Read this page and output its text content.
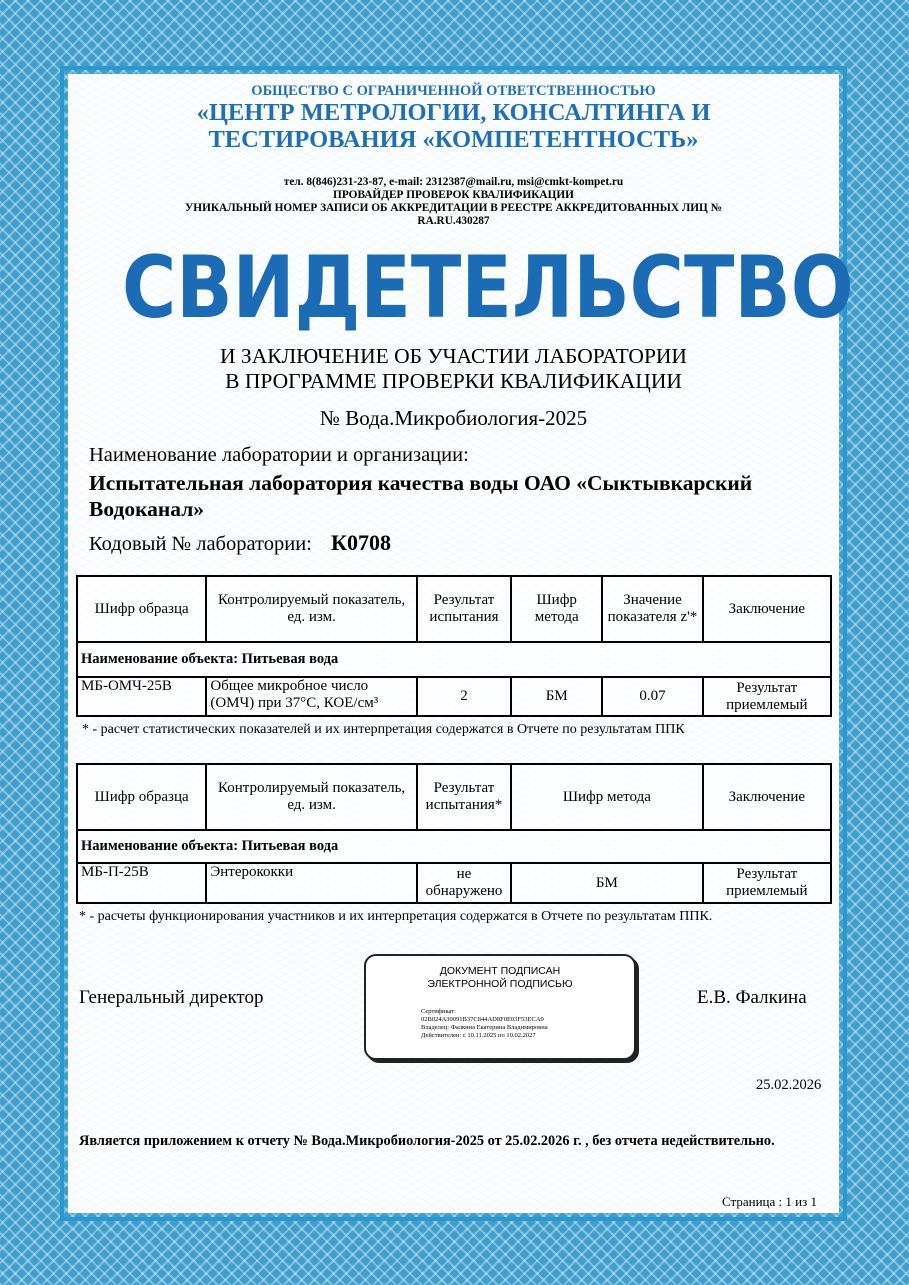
ОБЩЕСТВО С ОГРАНИЧЕННОЙ ОТВЕТСТВЕННОСТЬЮ
«ЦЕНТР МЕТРОЛОГИИ, КОНСАЛТИНГА И
ТЕСТИРОВАНИЯ «КОМПЕТЕНТНОСТЬ»
тел. 8(846)231-23-87, e-mail: 2312387@mail.ru, msi@cmkt-kompet.ru
ПРОВАЙДЕР ПРОВЕРОК КВАЛИФИКАЦИИ
УНИКАЛЬНЫЙ НОМЕР ЗАПИСИ ОБ АККРЕДИТАЦИИ В РЕЕСТРЕ АККРЕДИТОВАННЫХ ЛИЦ №
RA.RU.430287
СВИДЕТЕЛЬСТВО
И ЗАКЛЮЧЕНИЕ ОБ УЧАСТИИ ЛАБОРАТОРИИ
В ПРОГРАММЕ ПРОВЕРКИ КВАЛИФИКАЦИИ
№ Вода.Микробиология-2025
Наименование лаборатории и организации:
Испытательная лаборатория качества воды ОАО «Сыктывкарский Водоканал»
Кодовый № лаборатории: К0708
Шифр образца	Контролируемый показатель, ед. изм.	Результат испытания	Шифр метода	Значение показателя z'*	Заключение
Наименование объекта: Питьевая вода					
МБ-ОМЧ-25В	Общее микробное число (ОМЧ) при 37°С, КОЕ/см³	2	БМ	0.07	Результат приемлемый
* - расчет статистических показателей и их интерпретация содержатся в Отчете по результатам ППК
Шифр образца	Контролируемый показатель, ед. изм.	Результат испытания*	Шифр метода	Заключение
Наименование объекта: Питьевая вода				
МБ-П-25В	Энтерококки	не обнаружено	БМ	Результат приемлемый
* - расчеты функционирования участников и их интерпретация содержатся в Отчете по результатам ППК.
Генеральный директор
ДОКУМЕНТ ПОДПИСАН
ЭЛЕКТРОННОЙ ПОДПИСЬЮ
Сертификат:
02B024A30091B37C844AD8F0E03F53ECA9
Владелец: Фалкина Екатерина Владимировна
Действителен: с 10.11.2025 по 10.02.2027
Е.В. Фалкина
25.02.2026
Является приложением к отчету № Вода.Микробиология-2025 от 25.02.2026 г. , без отчета недействительно.
Страница : 1 из 1
